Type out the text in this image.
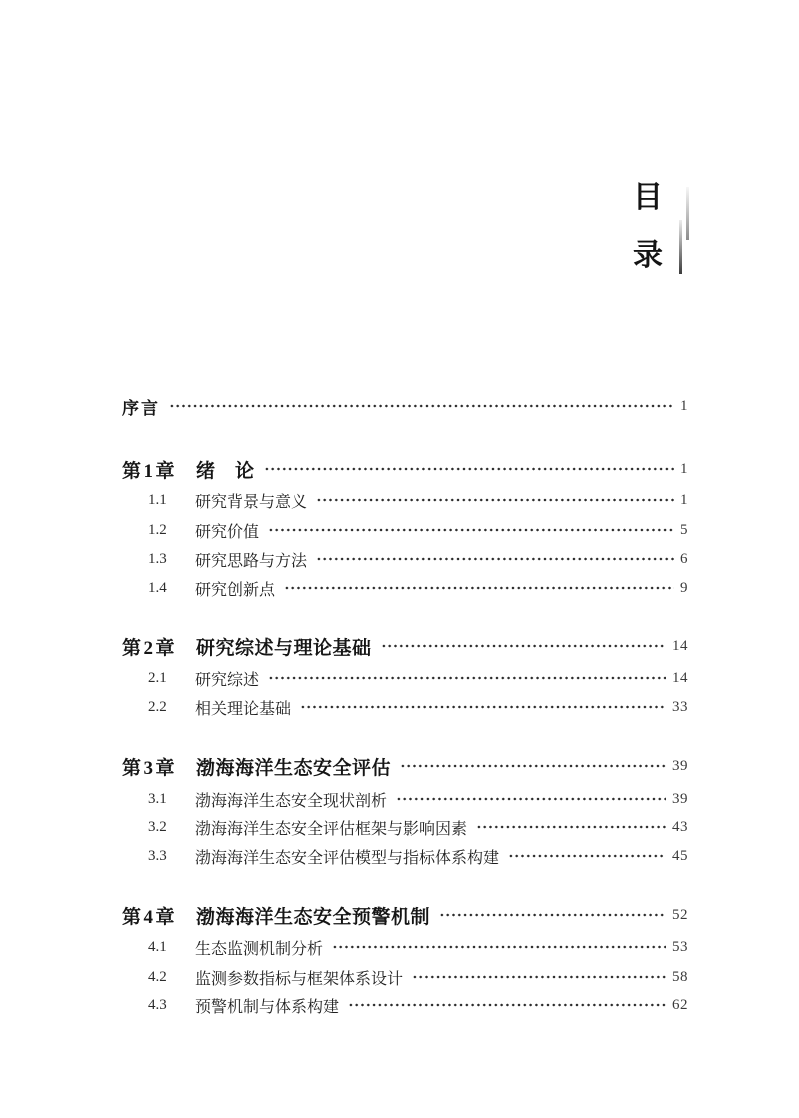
目
录
序言	1
第1章 绪　论	1
1.1	研究背景与意义	1
1.2	研究价值	5
1.3	研究思路与方法	6
1.4	研究创新点	9
第2章 研究综述与理论基础	14
2.1	研究综述	14
2.2	相关理论基础	33
第3章 渤海海洋生态安全评估	39
3.1	渤海海洋生态安全现状剖析	39
3.2	渤海海洋生态安全评估框架与影响因素	43
3.3	渤海海洋生态安全评估模型与指标体系构建	45
第4章 渤海海洋生态安全预警机制	52
4.1	生态监测机制分析	53
4.2	监测参数指标与框架体系设计	58
4.3	预警机制与体系构建	62
